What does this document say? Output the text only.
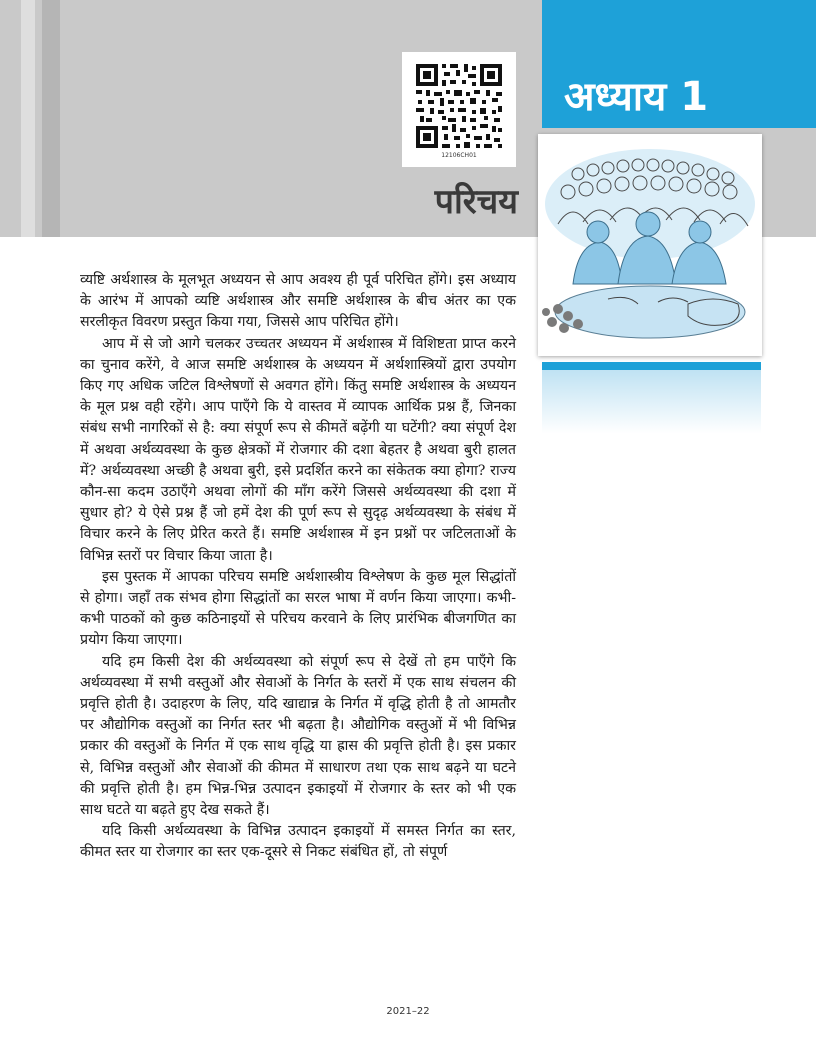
12106CH01
परिचय
अध्याय 1

व्यष्टि अर्थशास्त्र के मूलभूत अध्ययन से आप अवश्य ही पूर्व परिचित होंगे। इस अध्याय के आरंभ में आपको व्यष्टि अर्थशास्त्र और समष्टि अर्थशास्त्र के बीच अंतर का एक सरलीकृत विवरण प्रस्तुत किया गया, जिससे आप परिचित होंगे।

आप में से जो आगे चलकर उच्चतर अध्ययन में अर्थशास्त्र में विशिष्टता प्राप्त करने का चुनाव करेंगे, वे आज समष्टि अर्थशास्त्र के अध्ययन में अर्थशास्त्रियों द्वारा उपयोग किए गए अधिक जटिल विश्लेषणों से अवगत होंगे। किंतु समष्टि अर्थशास्त्र के अध्ययन के मूल प्रश्न वही रहेंगे। आप पाएँगे कि ये वास्तव में व्यापक आर्थिक प्रश्न हैं, जिनका संबंध सभी नागरिकों से है: क्या संपूर्ण रूप से कीमतें बढ़ेंगी या घटेंगी? क्या संपूर्ण देश में अथवा अर्थव्यवस्था के कुछ क्षेत्रकों में रोजगार की दशा बेहतर है अथवा बुरी हालत में? अर्थव्यवस्था अच्छी है अथवा बुरी, इसे प्रदर्शित करने का संकेतक क्या होगा? राज्य कौन-सा कदम उठाएँगे अथवा लोगों की माँग करेंगे जिससे अर्थव्यवस्था की दशा में सुधार हो? ये ऐसे प्रश्न हैं जो हमें देश की पूर्ण रूप से सुदृढ़ अर्थव्यवस्था के संबंध में विचार करने के लिए प्रेरित करते हैं। समष्टि अर्थशास्त्र में इन प्रश्नों पर जटिलताओं के विभिन्न स्तरों पर विचार किया जाता है।

इस पुस्तक में आपका परिचय समष्टि अर्थशास्त्रीय विश्लेषण के कुछ मूल सिद्धांतों से होगा। जहाँ तक संभव होगा सिद्धांतों का सरल भाषा में वर्णन किया जाएगा। कभी-कभी पाठकों को कुछ कठिनाइयों से परिचय करवाने के लिए प्रारंभिक बीजगणित का प्रयोग किया जाएगा।

यदि हम किसी देश की अर्थव्यवस्था को संपूर्ण रूप से देखें तो हम पाएँगे कि अर्थव्यवस्था में सभी वस्तुओं और सेवाओं के निर्गत के स्तरों में एक साथ संचलन की प्रवृत्ति होती है। उदाहरण के लिए, यदि खाद्यान्न के निर्गत में वृद्धि होती है तो आमतौर पर औद्योगिक वस्तुओं का निर्गत स्तर भी बढ़ता है। औद्योगिक वस्तुओं में भी विभिन्न प्रकार की वस्तुओं के निर्गत में एक साथ वृद्धि या ह्रास की प्रवृत्ति होती है। इस प्रकार से, विभिन्न वस्तुओं और सेवाओं की कीमत में साधारण तथा एक साथ बढ़ने या घटने की प्रवृत्ति होती है। हम भिन्न-भिन्न उत्पादन इकाइयों में रोजगार के स्तर को भी एक साथ घटते या बढ़ते हुए देख सकते हैं।

यदि किसी अर्थव्यवस्था के विभिन्न उत्पादन इकाइयों में समस्त निर्गत का स्तर, कीमत स्तर या रोजगार का स्तर एक-दूसरे से निकट संबंधित हों, तो संपूर्ण

2021–22
